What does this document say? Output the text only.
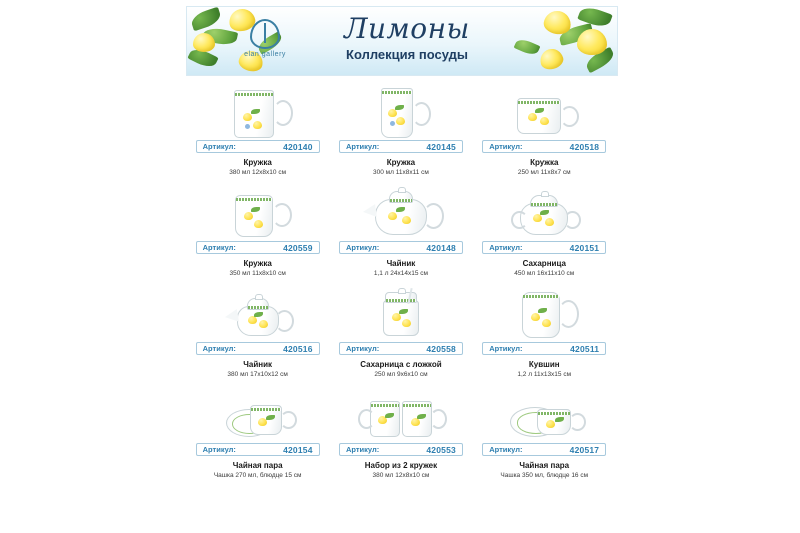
elan gallery
Лимоны
Коллекция посуды
Артикул:	420140
Кружка
380 мл 12х8х10 см
Артикул:	420145
Кружка
300 мл 11х8х11 см
Артикул:	420518
Кружка
250 мл 11х8х7 см
Артикул:	420559
Кружка
350 мл 11х8х10 см
Артикул:	420148
Чайник
1,1 л 24х14х15 см
Артикул:	420151
Сахарница
450 мл 16х11х10 см
Артикул:	420516
Чайник
380 мл 17х10х12 см
Артикул:	420558
Сахарница с ложкой
250 мл 9х6х10 см
Артикул:	420511
Кувшин
1,2 л 11х13х15 см
Артикул:	420154
Чайная пара
Чашка 270 мл, блюдце 15 см
Артикул:	420553
Набор из 2 кружек
380 мл 12х8х10 см
Артикул:	420517
Чайная пара
Чашка 350 мл, блюдце 16 см
